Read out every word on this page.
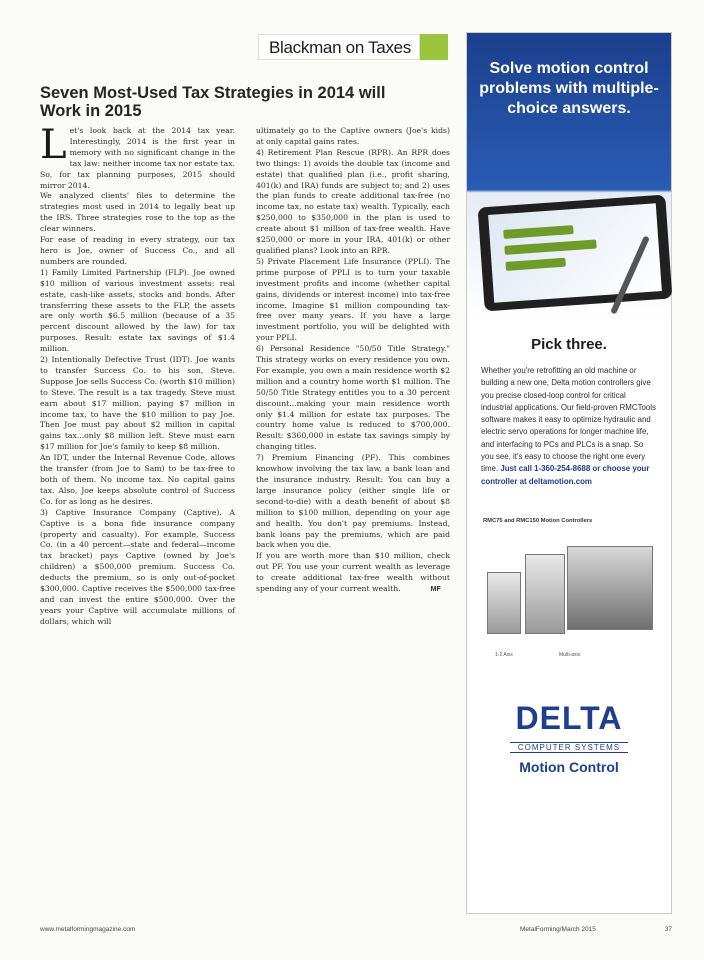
Blackman on Taxes
Seven Most-Used Tax Strategies in 2014 will Work in 2015
L et's look back at the 2014 tax year. Interestingly, 2014 is the first year in memory with no significant change in the tax law: neither income tax nor estate tax. So, for tax planning purposes, 2015 should mirror 2014.

We analyzed clients' files to determine the strategies most used in 2014 to legally beat up the IRS. Three strategies rose to the top as the clear winners.

For ease of reading in every strategy, our tax hero is Joe, owner of Success Co., and all numbers are rounded.

1) Family Limited Partnership (FLP). Joe owned $10 million of various investment assets: real estate, cash-like assets, stocks and bonds. After transferring these assets to the FLP, the assets are only worth $6.5 million (because of a 35 percent discount allowed by the law) for tax purposes. Result: estate tax savings of $1.4 million.

2) Intentionally Defective Trust (IDT). Joe wants to transfer Success Co. to his son, Steve. Suppose Joe sells Success Co. (worth $10 million) to Steve. The result is a tax tragedy. Steve must earn about $17 million, paying $7 million in income tax, to have the $10 million to pay Joe. Then Joe must pay about $2 million in capital gains tax...only $8 million left. Steve must earn $17 million for Joe's family to keep $8 million.

An IDT, under the Internal Revenue Code, allows the transfer (from Joe to Sam) to be tax-free to both of them. No income tax. No capital gains tax. Also, Joe keeps absolute control of Success Co. for as long as he desires.

3) Captive Insurance Company (Captive). A Captive is a bona fide insurance company (property and casualty). For example, Success Co. (in a 40 percent—state and federal—income tax bracket) pays Captive (owned by Joe's children) a $500,000 premium. Success Co. deducts the premium, so is only out-of-pocket $300,000. Captive receives the $500,000 tax-free and can invest the entire $500,000. Over the years your Captive will accumulate millions of dollars, which will

ultimately go to the Captive owners (Joe's kids) at only capital gains rates.

4) Retirement Plan Rescue (RPR). An RPR does two things: 1) avoids the double tax (income and estate) that qualified plan (i.e., profit sharing, 401(k) and IRA) funds are subject to; and 2) uses the plan funds to create additional tax-free (no income tax, no estate tax) wealth. Typically, each $250,000 to $350,000 in the plan is used to create about $1 million of tax-free wealth. Have $250,000 or more in your IRA, 401(k) or other qualified plans? Look into an RPR.

5) Private Placement Life Insurance (PPLI). The prime purpose of PPLI is to turn your taxable investment profits and income (whether capital gains, dividends or interest income) into tax-free income. Imagine $1 million compounding tax-free over many years. If you have a large investment portfolio, you will be delighted with your PPLI.

6) Personal Residence "50/50 Title Strategy." This strategy works on every residence you own. For example, you own a main residence worth $2 million and a country home worth $1 million. The 50/50 Title Strategy entitles you to a 30 percent discount...making your main residence worth only $1.4 million for estate tax purposes. The country home value is reduced to $700,000. Result: $360,000 in estate tax savings simply by changing titles.

7) Premium Financing (PF). This combines knowhow involving the tax law, a bank loan and the insurance industry. Result: You can buy a large insurance policy (either single life or second-to-die) with a death benefit of about $8 million to $100 million, depending on your age and health. You don't pay premiums. Instead, bank loans pay the premiums, which are paid back when you die.

If you are worth more than $10 million, check out PF. You use your current wealth as leverage to create additional tax-free wealth without spending any of your current wealth.	MF

www.metalformingmagazine.com	MetalForming/March 2015	37
Solve motion control problems with multiple-choice answers.
Pick three.
Whether you're retrofitting an old machine or building a new one, Delta motion controllers give you precise closed-loop control for critical industrial applications. Our field-proven RMCTools software makes it easy to optimize hydraulic and electric servo operations for longer machine life, and interfacing to PCs and PLCs is a snap. So you see, it's easy to choose the right one every time. Just call 1-360-254-8688 or choose your controller at deltamotion.com
RMC75 and RMC150 Motion Controllers
1-2 Axis	Multi-axis
DELTA
COMPUTER SYSTEMS
Motion Control
